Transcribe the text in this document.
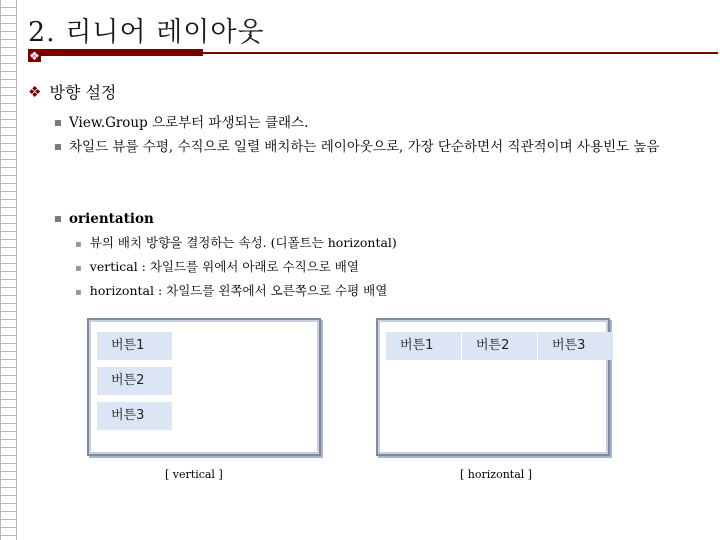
2. 리니어 레이아웃
❖
❖ 방향 설정
View.Group 으로부터 파생되는 클래스.
차일드 뷰를 수평, 수직으로 일렬 배치하는 레이아웃으로, 가장 단순하면서 직관적이며 사용빈도 높음
orientation
▪ 뷰의 배치 방향을 결정하는 속성. (디폴트는 horizontal)
▪ vertical : 차일드를 위에서 아래로 수직으로 배열
▪ horizontal : 차일드를 왼쪽에서 오른쪽으로 수평 배열
버튼1
버튼2
버튼3
[ vertical ]
버튼1	버튼2	버튼3
[ horizontal ]
